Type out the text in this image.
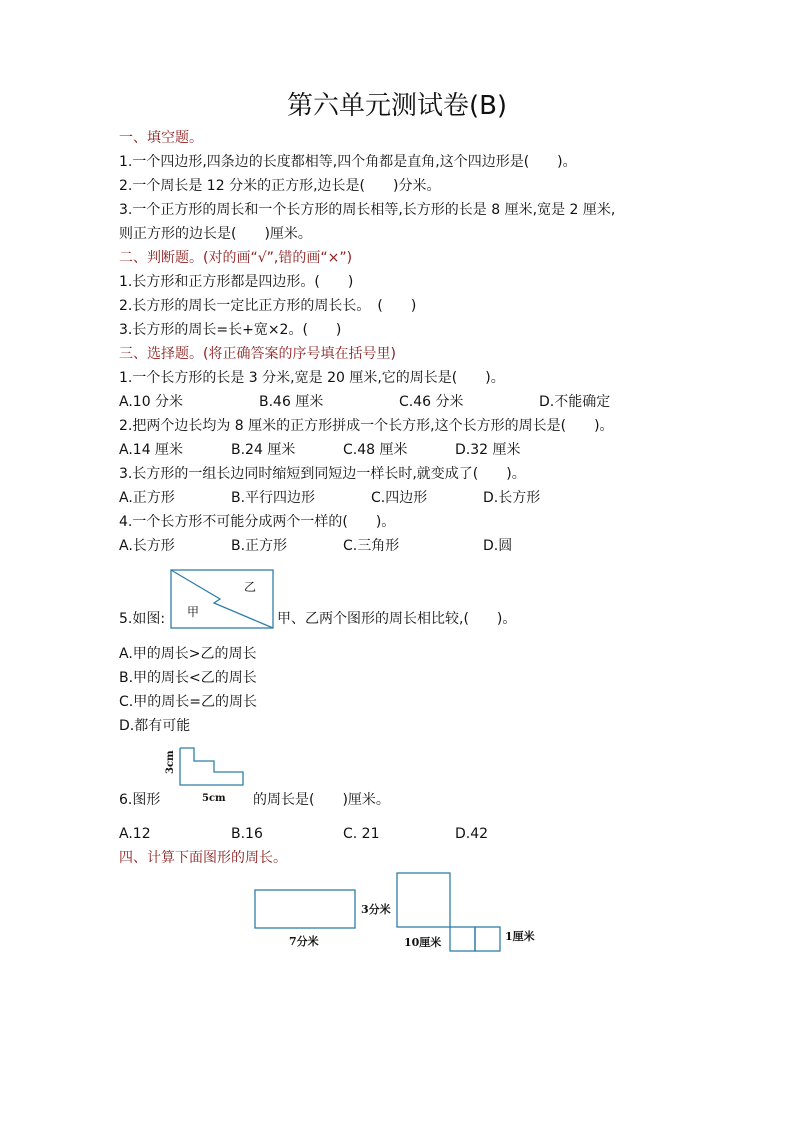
第六单元测试卷(B)
一、填空题。
1.一个四边形,四条边的长度都相等,四个角都是直角,这个四边形是(　　)。
2.一个周长是 12 分米的正方形,边长是(　　)分米。
3.一个正方形的周长和一个长方形的周长相等,长方形的长是 8 厘米,宽是 2 厘米,
则正方形的边长是(　　)厘米。
二、判断题。(对的画“√”,错的画“×”)
1.长方形和正方形都是四边形。(　　)
2.长方形的周长一定比正方形的周长长。　(　　)
3.长方形的周长=长+宽×2。(　　)
三、选择题。(将正确答案的序号填在括号里)
1.一个长方形的长是 3 分米,宽是 20 厘米,它的周长是(　　)。
A.10 分米	B.46 厘米	C.46 分米	D.不能确定
2.把两个边长均为 8 厘米的正方形拼成一个长方形,这个长方形的周长是(　　)。
A.14 厘米	B.24 厘米	C.48 厘米	D.32 厘米
3.长方形的一组长边同时缩短到同短边一样长时,就变成了(　　)。
A.正方形	B.平行四边形	C.四边形	D.长方形
4.一个长方形不可能分成两个一样的(　　)。
A.长方形	B.正方形	C.三角形	D.圆
5.如图:
乙
甲	甲、乙两个图形的周长相比较,(　　)。
A.甲的周长>乙的周长
B.甲的周长<乙的周长
C.甲的周长=乙的周长
D.都有可能
6.图形
3cm
5cm 的周长是(　　)厘米。
A.12	B.16	C. 21	D.42
四、计算下面图形的周长。
7分米
3分米
10厘米	1厘米
